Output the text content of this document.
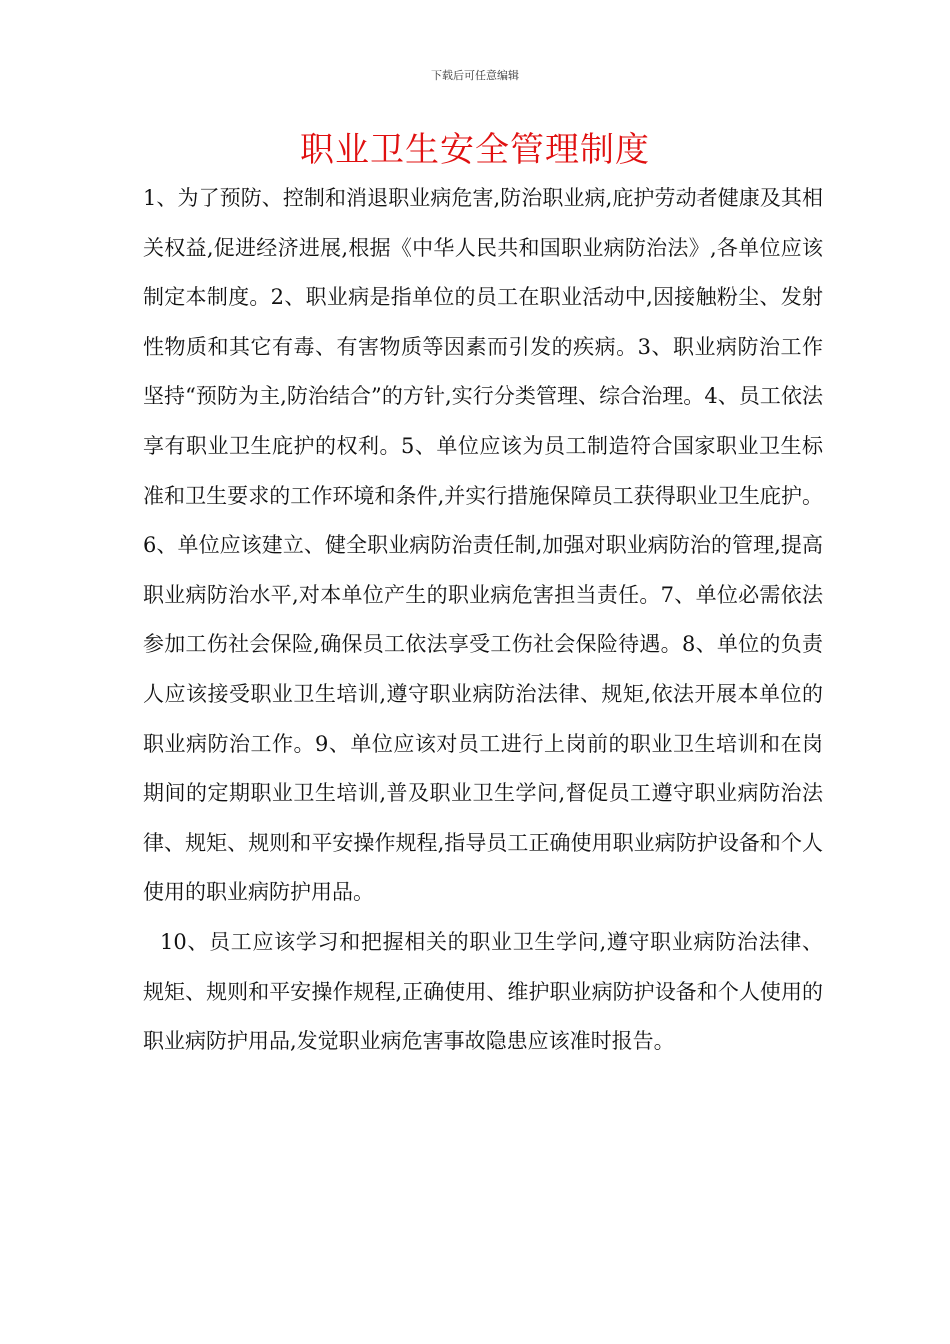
下载后可任意编辑
职业卫生安全管理制度

1、为了预防、控制和消退职业病危害,防治职业病,庇护劳动者健康及其相关权益,促进经济进展,根据《中华人民共和国职业病防治法》,各单位应该制定本制度。2、职业病是指单位的员工在职业活动中,因接触粉尘、发射性物质和其它有毒、有害物质等因素而引发的疾病。3、职业病防治工作坚持“预防为主,防治结合”的方针,实行分类管理、综合治理。4、员工依法享有职业卫生庇护的权利。5、单位应该为员工制造符合国家职业卫生标准和卫生要求的工作环境和条件,并实行措施保障员工获得职业卫生庇护。6、单位应该建立、健全职业病防治责任制,加强对职业病防治的管理,提高职业病防治水平,对本单位产生的职业病危害担当责任。7、单位必需依法参加工伤社会保险,确保员工依法享受工伤社会保险待遇。8、单位的负责人应该接受职业卫生培训,遵守职业病防治法律、规矩,依法开展本单位的职业病防治工作。9、单位应该对员工进行上岗前的职业卫生培训和在岗期间的定期职业卫生培训,普及职业卫生学问,督促员工遵守职业病防治法律、规矩、规则和平安操作规程,指导员工正确使用职业病防护设备和个人使用的职业病防护用品。

10、员工应该学习和把握相关的职业卫生学问,遵守职业病防治法律、规矩、规则和平安操作规程,正确使用、维护职业病防护设备和个人使用的职业病防护用品,发觉职业病危害事故隐患应该准时报告。
